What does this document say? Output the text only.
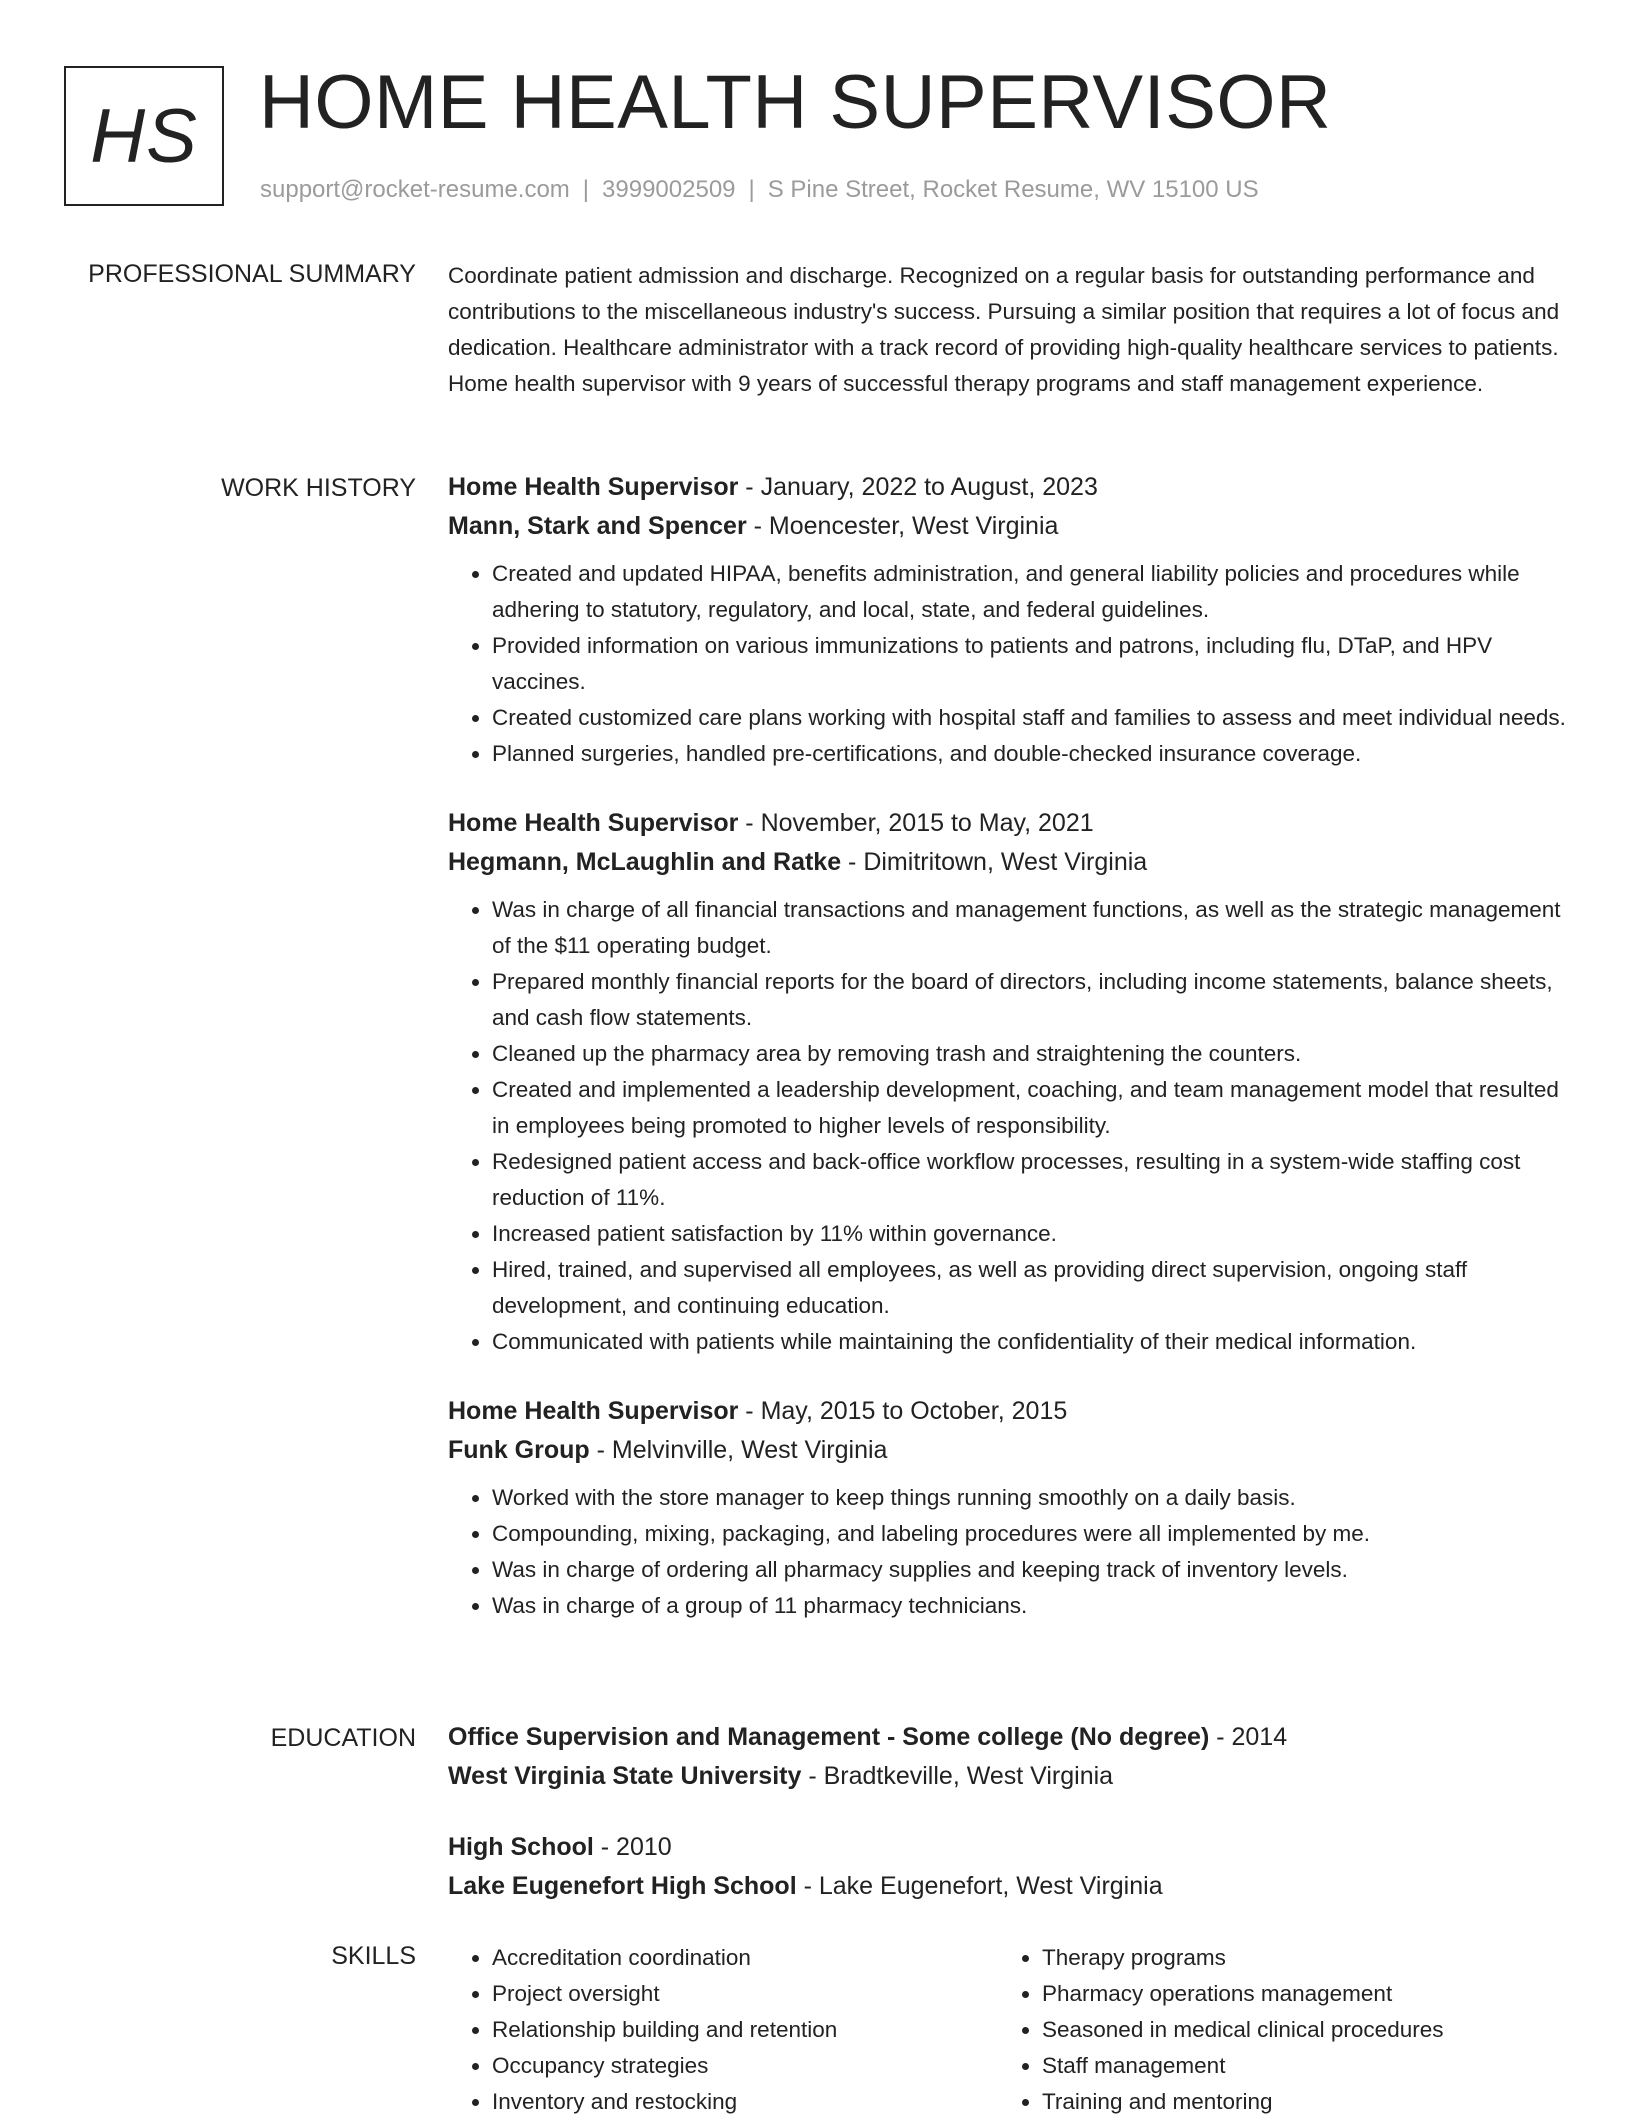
HS HOME HEALTH SUPERVISOR
support@rocket-resume.com | 3999002509 | S Pine Street, Rocket Resume, WV 15100 US
PROFESSIONAL SUMMARY Coordinate patient admission and discharge. Recognized on a regular basis for outstanding performance and contributions to the miscellaneous industry's success. Pursuing a similar position that requires a lot of focus and dedication. Healthcare administrator with a track record of providing high-quality healthcare services to patients. Home health supervisor with 9 years of successful therapy programs and staff management experience.

WORK HISTORY Home Health Supervisor - January, 2022 to August, 2023
Mann, Stark and Spencer - Moencester, West Virginia
• Created and updated HIPAA, benefits administration, and general liability policies and procedures while adhering to statutory, regulatory, and local, state, and federal guidelines.
• Provided information on various immunizations to patients and patrons, including flu, DTaP, and HPV vaccines.
• Created customized care plans working with hospital staff and families to assess and meet individual needs.
• Planned surgeries, handled pre-certifications, and double-checked insurance coverage.
Home Health Supervisor - November, 2015 to May, 2021
Hegmann, McLaughlin and Ratke - Dimitritown, West Virginia
• Was in charge of all financial transactions and management functions, as well as the strategic management of the $11 operating budget.
• Prepared monthly financial reports for the board of directors, including income statements, balance sheets, and cash flow statements.
• Cleaned up the pharmacy area by removing trash and straightening the counters.
• Created and implemented a leadership development, coaching, and team management model that resulted in employees being promoted to higher levels of responsibility.
• Redesigned patient access and back-office workflow processes, resulting in a system-wide staffing cost reduction of 11%.
• Increased patient satisfaction by 11% within governance.
• Hired, trained, and supervised all employees, as well as providing direct supervision, ongoing staff development, and continuing education.
• Communicated with patients while maintaining the confidentiality of their medical information.
Home Health Supervisor - May, 2015 to October, 2015
Funk Group - Melvinville, West Virginia
• Worked with the store manager to keep things running smoothly on a daily basis.
• Compounding, mixing, packaging, and labeling procedures were all implemented by me.
• Was in charge of ordering all pharmacy supplies and keeping track of inventory levels.
• Was in charge of a group of 11 pharmacy technicians.
EDUCATION Office Supervision and Management - Some college (No degree) - 2014
West Virginia State University - Bradtkeville, West Virginia
High School - 2010
Lake Eugenefort High School - Lake Eugenefort, West Virginia
SKILLS
•	Accreditation coordination
• Project oversight
• Relationship building and retention
• Occupancy strategies
• Inventory and restocking
• Therapy programs
• Pharmacy operations management
• Seasoned in medical clinical procedures
• Staff management
• Training and mentoring
